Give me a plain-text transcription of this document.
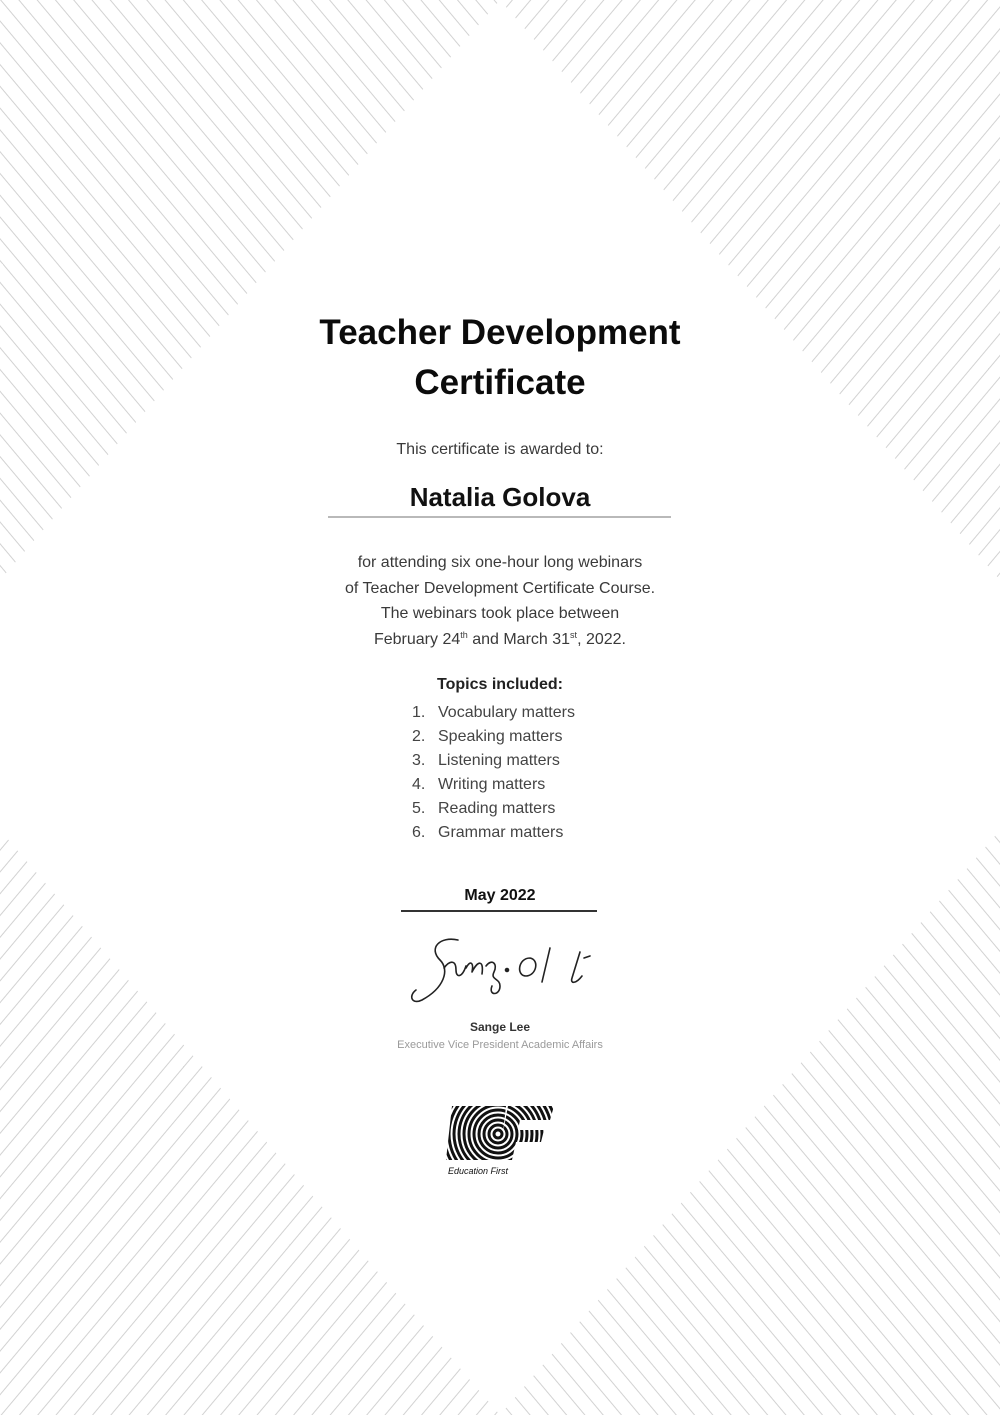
Teacher Development
Certificate
This certificate is awarded to:
Natalia Golova
for attending six one-hour long webinars
of Teacher Development Certificate Course.
The webinars took place between
February 24th and March 31st, 2022.
Topics included:
1. Vocabulary matters
2. Speaking matters
3. Listening matters
4. Writing matters
5. Reading matters
6. Grammar matters
May 2022
Sange Lee
Executive Vice President Academic Affairs
Education First
